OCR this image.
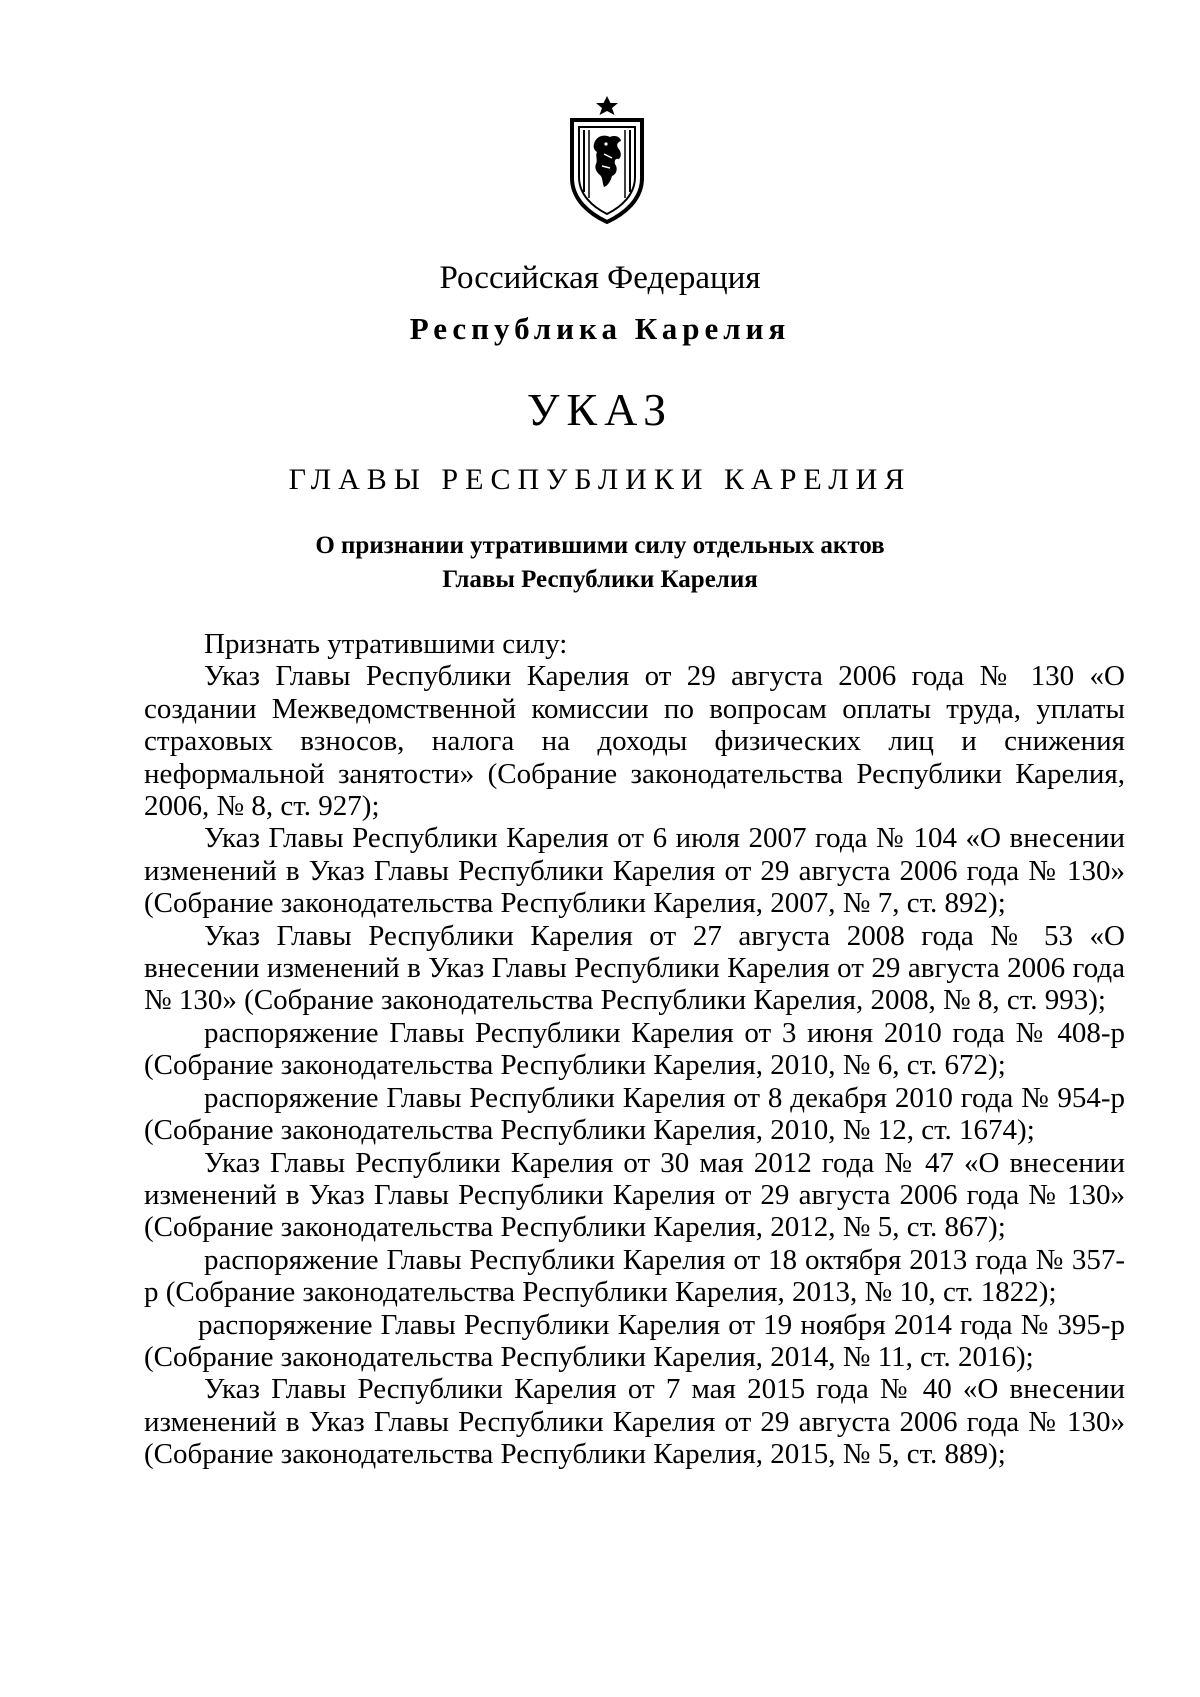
Российская Федерация
Республика Карелия
УКАЗ
ГЛАВЫ РЕСПУБЛИКИ КАРЕЛИЯ
О признании утратившими силу отдельных актов
Главы Республики Карелия

Признать утратившими силу:

Указ Главы Республики Карелия от 29 августа 2006 года № 130 «О создании Межведомственной комиссии по вопросам оплаты труда, уплаты страховых взносов, налога на доходы физических лиц и снижения неформальной занятости» (Собрание законодательства Республики Карелия, 2006, № 8, ст. 927);

Указ Главы Республики Карелия от 6 июля 2007 года № 104 «О внесении изменений в Указ Главы Республики Карелия от 29 августа 2006 года № 130» (Собрание законодательства Республики Карелия, 2007, № 7, ст. 892);

Указ Главы Республики Карелия от 27 августа 2008 года № 53 «О внесении изменений в Указ Главы Республики Карелия от 29 августа 2006 года № 130» (Собрание законодательства Республики Карелия, 2008, № 8, ст. 993);

распоряжение Главы Республики Карелия от 3 июня 2010 года № 408-р (Собрание законодательства Республики Карелия, 2010, № 6, ст. 672);

распоряжение Главы Республики Карелия от 8 декабря 2010 года № 954-р (Собрание законодательства Республики Карелия, 2010, № 12, ст. 1674);

Указ Главы Республики Карелия от 30 мая 2012 года № 47 «О внесении изменений в Указ Главы Республики Карелия от 29 августа 2006 года № 130» (Собрание законодательства Республики Карелия, 2012, № 5, ст. 867);

распоряжение Главы Республики Карелия от 18 октября 2013 года № 357-р (Собрание законодательства Республики Карелия, 2013, № 10, ст. 1822);

распоряжение Главы Республики Карелия от 19 ноября 2014 года № 395-р (Собрание законодательства Республики Карелия, 2014, № 11, ст. 2016);

Указ Главы Республики Карелия от 7 мая 2015 года № 40 «О внесении изменений в Указ Главы Республики Карелия от 29 августа 2006 года № 130» (Собрание законодательства Республики Карелия, 2015, № 5, ст. 889);
